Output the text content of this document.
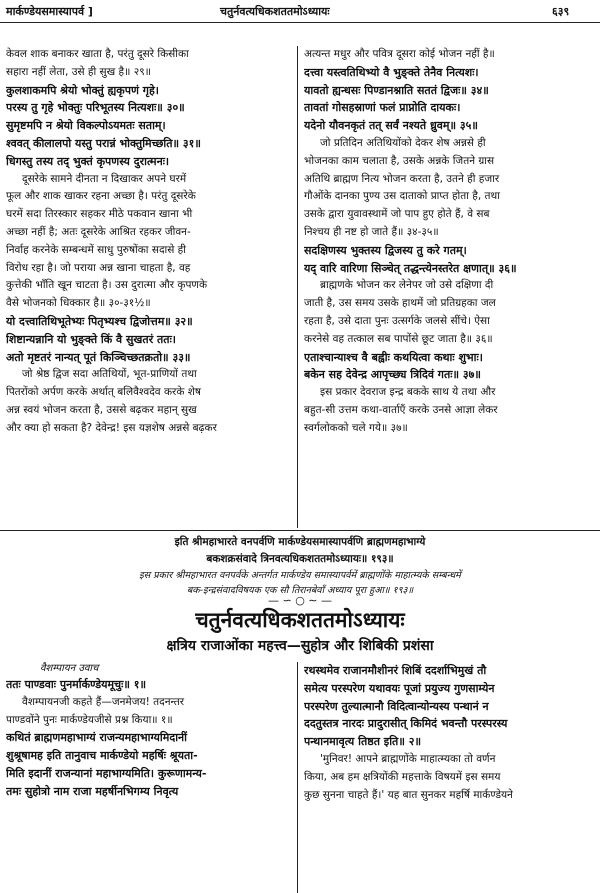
मार्कण्डेयसमास्यापर्व ]	चतुर्नवत्यधिकशततमोऽध्यायः	६३९
केवल शाक बनाकर खाता है, परंतु दूसरे किसीका
सहारा नहीं लेता, उसे ही सुख है॥ २९॥
कुलशाकमपि श्रेयो भोक्तुं ह्यकृपणं गृहे।
परस्य तु गृहे भोक्तुः परिभूतस्य नित्यशः॥ ३०॥
सुमृष्टमपि न श्रेयो विकल्पोऽयमतः सताम्।
श्ववत् कीलालपो यस्तु परान्नं भोक्तुमिच्छति॥ ३१॥
धिगस्तु तस्य तद् भुक्तं कृपणस्य दुरात्मनः।
दूसरेके सामने दीनता न दिखाकर अपने घरमें
फूल और शाक खाकर रहना अच्छा है। परंतु दूसरेके
घरमें सदा तिरस्कार सहकर मीठे पकवान खाना भी
अच्छा नहीं है; अतः दूसरेके आश्रित रहकर जीवन-
निर्वाह करनेके सम्बन्धमें साधु पुरुषोंका सदासे ही
विरोध रहा है। जो पराया अन्न खाना चाहता है, वह
कुत्तेकी भाँति खून चाटता है। उस दुरात्मा और कृपणके
वैसे भोजनको धिक्कार है॥ ३०-३१½॥
यो दत्त्वातिथिभूतेभ्यः पितृभ्यश्च द्विजोत्तम॥ ३२॥
शिष्टान्यन्नानि यो भुङ्क्ते किं वै सुखतरं ततः।
अतो मृष्टतरं नान्यत् पूतं किञ्चिच्छतक्रतो॥ ३३॥
जो श्रेष्ठ द्विज सदा अतिथियों, भूत-प्राणियों तथा
पितरोंको अर्पण करके अर्थात् बलिवैश्वदेव करके शेष
अन्न स्वयं भोजन करता है, उससे बढ़कर महान् सुख
और क्या हो सकता है? देवेन्द्र! इस यज्ञशेष अन्नसे बढ़कर
अत्यन्त मधुर और पवित्र दूसरा कोई भोजन नहीं है॥
दत्त्वा यस्त्वतिथिभ्यो वै भुङ्क्ते तेनैव नित्यशः।
यावतो ह्यन्धसः पिण्डानश्नाति सततं द्विजः॥ ३४॥
तावतां गोसहस्राणां फलं प्राप्नोति दायकः।
यदेनो यौवनकृतं तत् सर्वं नश्यते ध्रुवम्॥ ३५॥
जो प्रतिदिन अतिथियोंको देकर शेष अन्नसे ही
भोजनका काम चलाता है, उसके अन्नके जितने ग्रास
अतिथि ब्राह्मण नित्य भोजन करता है, उतने ही हजार
गौओंके दानका पुण्य उस दाताको प्राप्त होता है, तथा
उसके द्वारा युवावस्थामें जो पाप हुए होते हैं, वे सब
निश्चय ही नष्ट हो जाते हैं॥ ३४-३५॥
सदक्षिणस्य भुक्तस्य द्विजस्य तु करे गतम्।
यद् वारि वारिणा सिञ्चेत् तद्धन्त्येनस्तरेत क्षणात्॥ ३६॥
ब्राह्मणके भोजन कर लेनेपर जो उसे दक्षिणा दी
जाती है, उस समय उसके हाथमें जो प्रतिग्रहका जल
रहता है, उसे दाता पुनः उत्सर्गके जलसे सींचे। ऐसा
करनेसे वह तत्काल सब पापोंसे छूट जाता है॥ ३६॥
एताश्चान्याश्च वै बह्वीः कथयित्वा कथाः शुभाः।
बकेन सह देवेन्द्र आपृच्छ्य त्रिदिवं गतः॥ ३७॥
इस प्रकार देवराज इन्द्र बकके साथ ये तथा और
बहुत-सी उत्तम कथा-वार्ताएँ करके उनसे आज्ञा लेकर
स्वर्गलोकको चले गये॥ ३७॥
इति श्रीमहाभारते वनपर्वणि मार्कण्डेयसमास्यापर्वणि ब्राह्मणमहाभाग्ये
बकशक्रसंवादे त्रिनवत्यधिकशततमोऽध्यायः॥ १९३॥
इस प्रकार श्रीमहाभारत वनपर्वके अन्तर्गत मार्कण्डेय समास्यापर्वमें ब्राह्मणोंके माहात्म्यके सम्बन्धमें
बक-इन्द्रसंवादविषयक एक सौ तिरानबेवाँ अध्याय पूरा हुआ॥ १९३॥
— ∽ ○ ∼ —
चतुर्नवत्यधिकशततमोऽध्यायः
क्षत्रिय राजाओंका महत्त्व—सुहोत्र और शिबिकी प्रशंसा
वैशम्पायन उवाच
ततः पाण्डवाः पुनर्मार्कण्डेयमूचुः॥ १॥
वैशम्पायनजी कहते हैं—जनमेजय! तदनन्तर
पाण्डवोंने पुनः मार्कण्डेयजीसे प्रश्न किया॥ १॥
कथितं ब्राह्मणमहाभाग्यं राजन्यमहाभाग्यमिदानीं
शुश्रूषामह इति तानुवाच मार्कण्डेयो महर्षिः श्रूयता-
मिति इदानीं राजन्यानां महाभाग्यमिति। कुरूणामन्य-
तमः सुहोत्रो नाम राजा महर्षीनभिगम्य निवृत्य
रथस्थमेव राजानमौशीनरं शिबिं ददर्शाभिमुखं तौ
समेत्य परस्परेण यथावयः पूजां प्रयुज्य गुणसाम्येन
परस्परेण तुल्यात्मानौ विदित्वान्योन्यस्य पन्थानं न
ददतुस्तत्र नारदः प्रादुरासीत् किमिदं भवन्तौ परस्परस्य
पन्थानमावृत्य तिष्ठत इति॥ २॥
'मुनिवर! आपने ब्राह्मणोंके माहात्म्यका तो वर्णन
किया, अब हम क्षत्रियोंकी महत्ताके विषयमें इस समय
कुछ सुनना चाहते हैं।' यह बात सुनकर महर्षि मार्कण्डेयने
